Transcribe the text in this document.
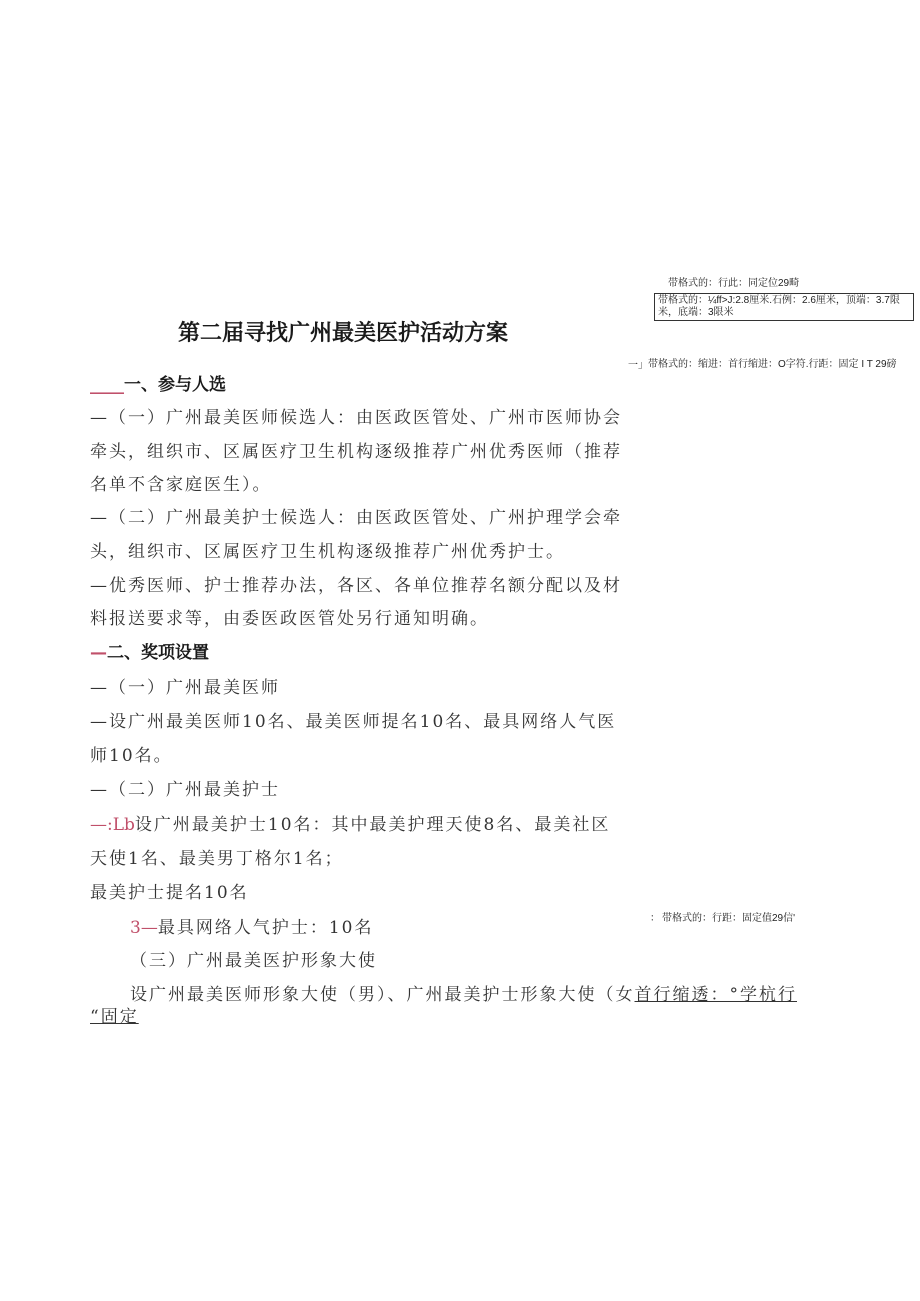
带格式的：行此：同定位29畸
带格式的：¼ff>J:2.8厘米.石例：2.6厘米，顶端：3.7限米，底端：3限米
一」 带格式的：缩进：首行缩进：O字符.行距：固定 I T 29磅
： 带格式的：行距：固定值29信'
第二届寻找广州最美医护活动方案
____一、参与人选
—（一）广州最美医师候选人：由医政医管处、广州市医师协会
牵头，组织市、区属医疗卫生机构逐级推荐广州优秀医师（推荐
名单不含家庭医生）。
—（二）广州最美护士候选人：由医政医管处、广州护理学会牵
头，组织市、区属医疗卫生机构逐级推荐广州优秀护士。
—优秀医师、护士推荐办法，各区、各单位推荐名额分配以及材
料报送要求等，由委医政医管处另行通知明确。
—二、奖项设置
—（一）广州最美医师
—设广州最美医师10名、最美医师提名10名、最具网络人气医
师10名。
—（二）广州最美护士
—:Lb设广州最美护士10名：其中最美护理天使8名、最美社区
天使1名、最美男丁格尔1名；
最美护士提名10名
3—最具网络人气护士：10名
（三）广州最美医护形象大使
设广州最美医师形象大使（男）、广州最美护士形象大使（女首行缩透：°学杭行
“固定
